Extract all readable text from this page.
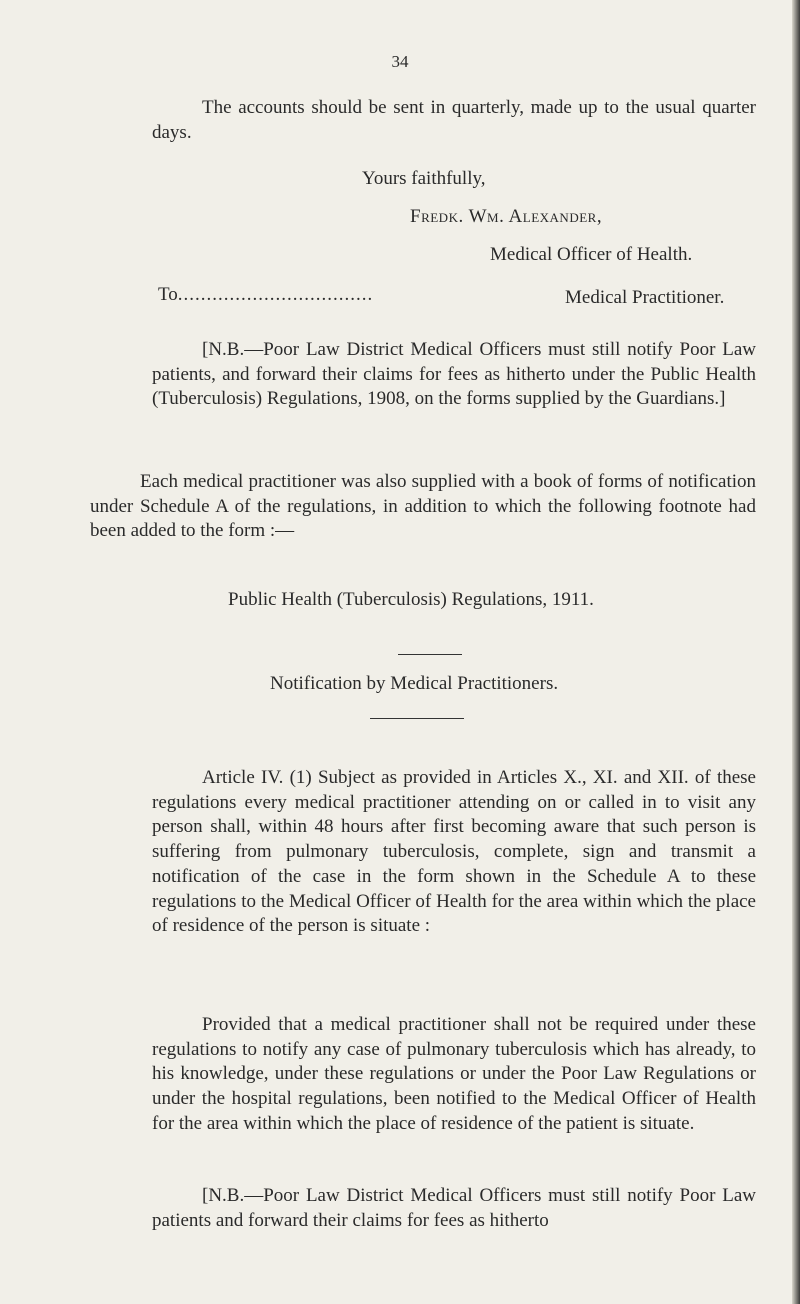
34
The accounts should be sent in quarterly, made up to the usual quarter days.
Yours faithfully,
Fredk. Wm. Alexander,
Medical Officer of Health.
To..................................	Medical Practitioner.
[N.B.—Poor Law District Medical Officers must still notify Poor Law patients, and forward their claims for fees as hitherto under the Public Health (Tuberculosis) Regulations, 1908, on the forms supplied by the Guardians.]
Each medical practitioner was also supplied with a book of forms of notification under Schedule A of the regulations, in addition to which the following footnote had been added to the form :—
Public Health (Tuberculosis) Regulations, 1911.
Notification by Medical Practitioners.
Article IV. (1) Subject as provided in Articles X., XI. and XII. of these regulations every medical practitioner attending on or called in to visit any person shall, within 48 hours after first becoming aware that such person is suffering from pulmonary tuberculosis, complete, sign and transmit a notification of the case in the form shown in the Schedule A to these regulations to the Medical Officer of Health for the area within which the place of residence of the person is situate :
Provided that a medical practitioner shall not be required under these regulations to notify any case of pulmonary tuberculosis which has already, to his knowledge, under these regulations or under the Poor Law Regulations or under the hospital regulations, been notified to the Medical Officer of Health for the area within which the place of residence of the patient is situate.
[N.B.—Poor Law District Medical Officers must still notify Poor Law patients and forward their claims for fees as hitherto
